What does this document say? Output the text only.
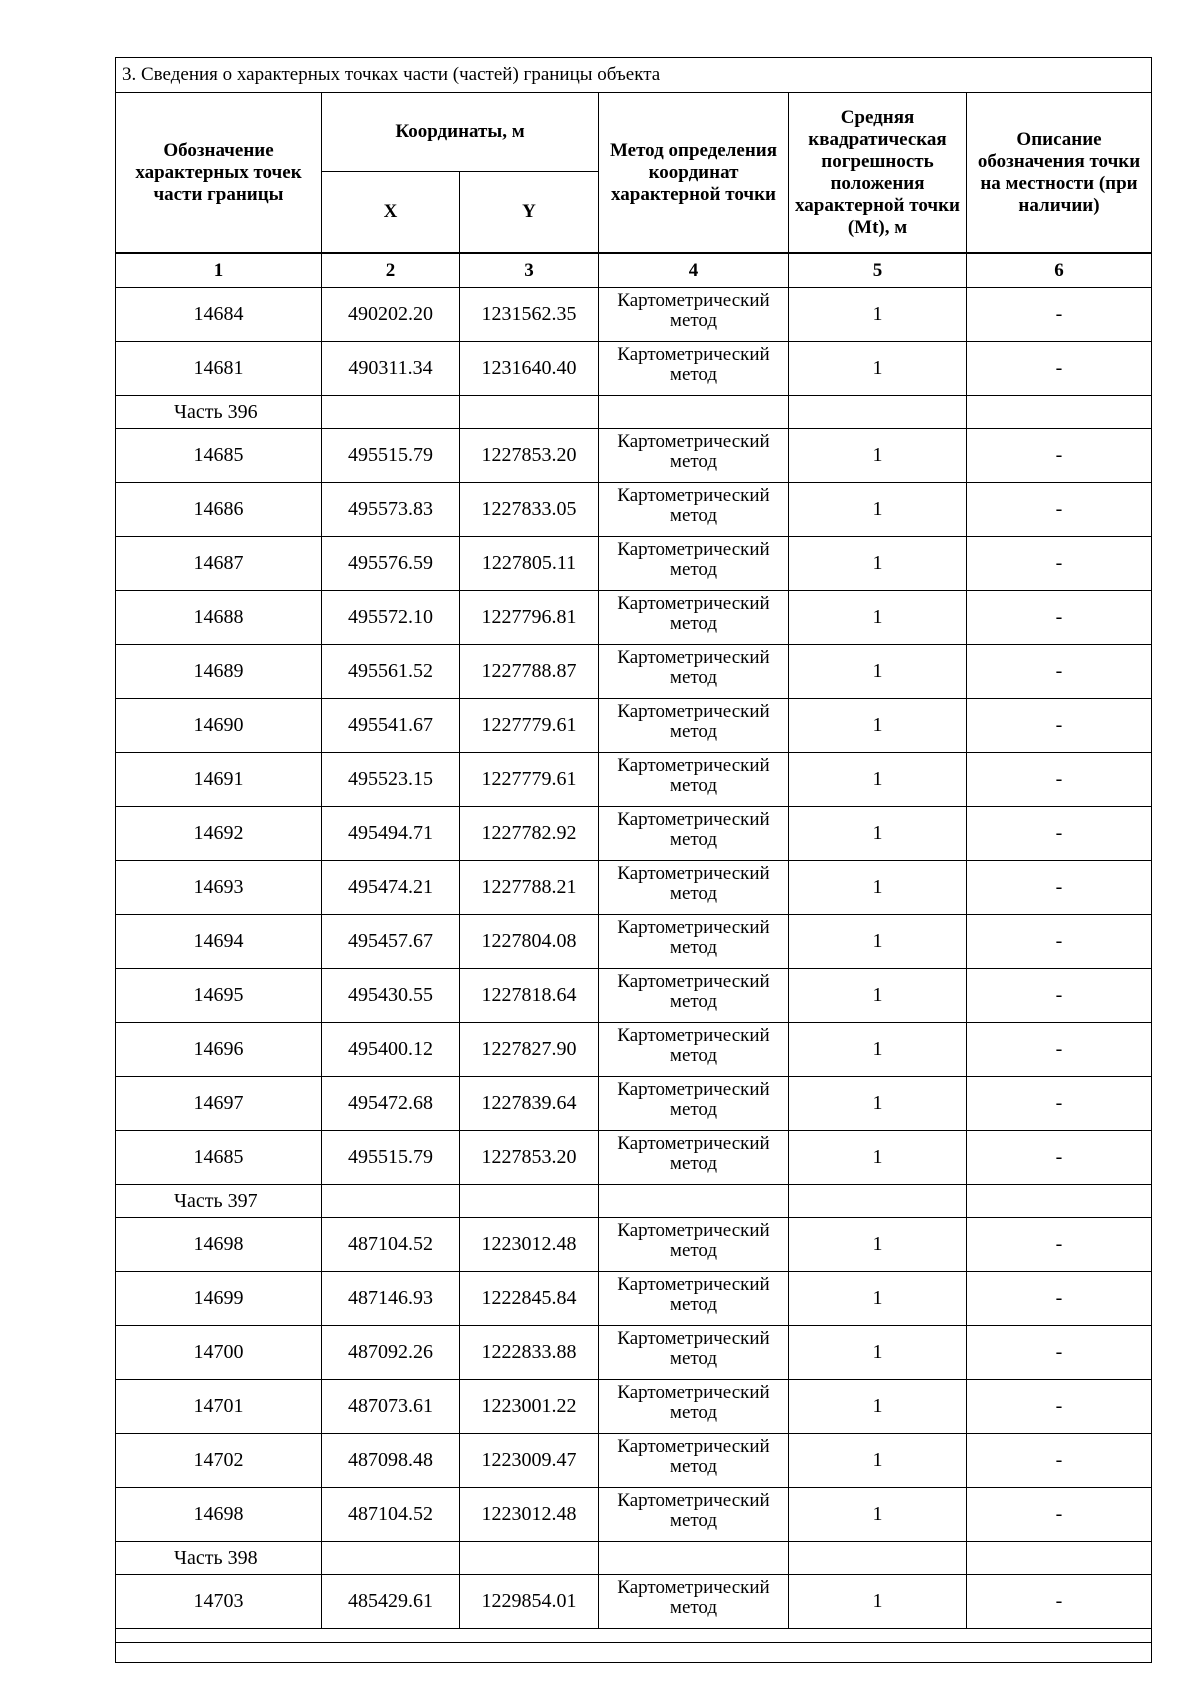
3. Сведения о характерных точках части (частей) границы объекта					
Обозначение характерных точек части границы	Координаты, м		Метод определения координат характерной точки	Средняя квадратическая погрешность положения характерной точки (Mt), м	Описание обозначения точки на местности (при наличии)
	X	Y			
1	2	3	4	5	6
14684	490202.20	1231562.35	Картометрический метод	1	-
14681	490311.34	1231640.40	Картометрический метод	1	-
Часть 396					
14685	495515.79	1227853.20	Картометрический метод	1	-
14686	495573.83	1227833.05	Картометрический метод	1	-
14687	495576.59	1227805.11	Картометрический метод	1	-
14688	495572.10	1227796.81	Картометрический метод	1	-
14689	495561.52	1227788.87	Картометрический метод	1	-
14690	495541.67	1227779.61	Картометрический метод	1	-
14691	495523.15	1227779.61	Картометрический метод	1	-
14692	495494.71	1227782.92	Картометрический метод	1	-
14693	495474.21	1227788.21	Картометрический метод	1	-
14694	495457.67	1227804.08	Картометрический метод	1	-
14695	495430.55	1227818.64	Картометрический метод	1	-
14696	495400.12	1227827.90	Картометрический метод	1	-
14697	495472.68	1227839.64	Картометрический метод	1	-
14685	495515.79	1227853.20	Картометрический метод	1	-
Часть 397					
14698	487104.52	1223012.48	Картометрический метод	1	-
14699	487146.93	1222845.84	Картометрический метод	1	-
14700	487092.26	1222833.88	Картометрический метод	1	-
14701	487073.61	1223001.22	Картометрический метод	1	-
14702	487098.48	1223009.47	Картометрический метод	1	-
14698	487104.52	1223012.48	Картометрический метод	1	-
Часть 398					
14703	485429.61	1229854.01	Картометрический метод	1	-
